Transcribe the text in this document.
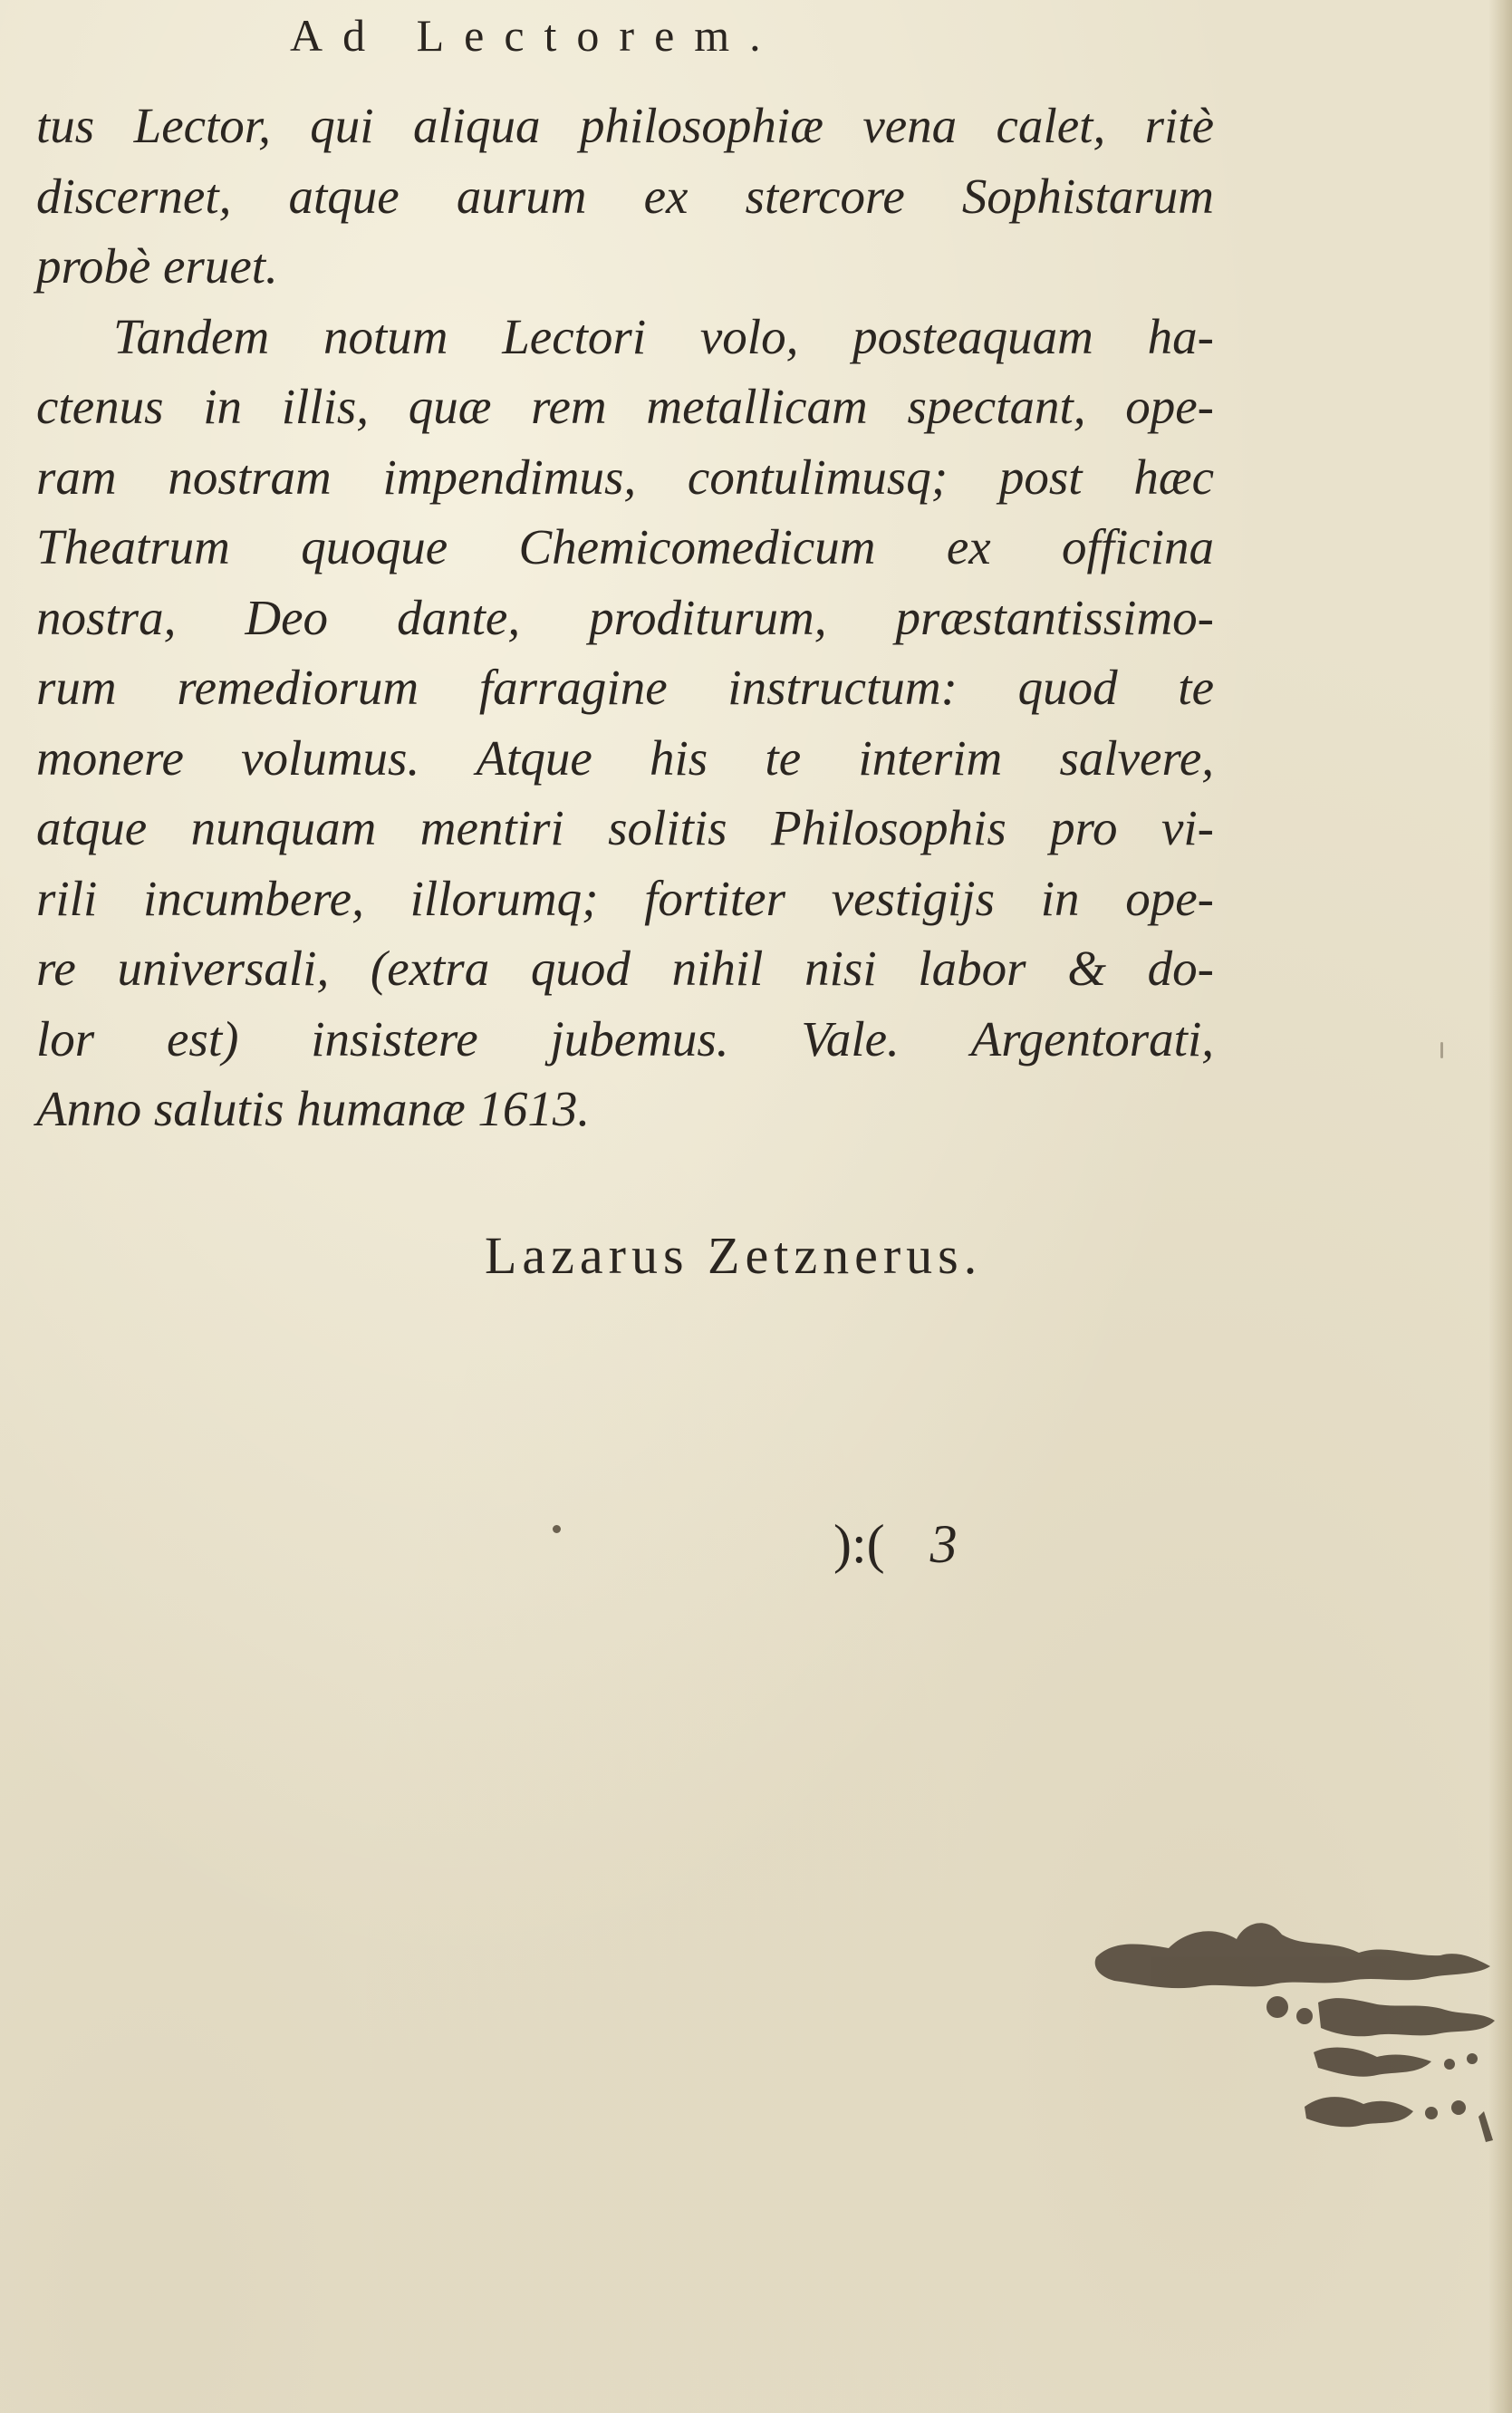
Ad Lectorem.
tus Lector, qui aliqua philosophiæ vena calet, ritè
discernet, atque aurum ex stercore Sophistarum
probè eruet.
Tandem notum Lectori volo, posteaquam ha-
ctenus in illis, quæ rem metallicam spectant, ope-
ram nostram impendimus, contulimusq; post hæc
Theatrum quoque Chemicomedicum ex officina
nostra, Deo dante, proditurum, præstantissimo-
rum remediorum farragine instructum: quod te
monere volumus. Atque his te interim salvere,
atque nunquam mentiri solitis Philosophis pro vi-
rili incumbere, illorumq; fortiter vestigijs in ope-
re universali, (extra quod nihil nisi labor & do-
lor est) insistere jubemus. Vale. Argentorati,
Anno salutis humanæ 1613.
Lazarus Zetznerus.
):( 3
